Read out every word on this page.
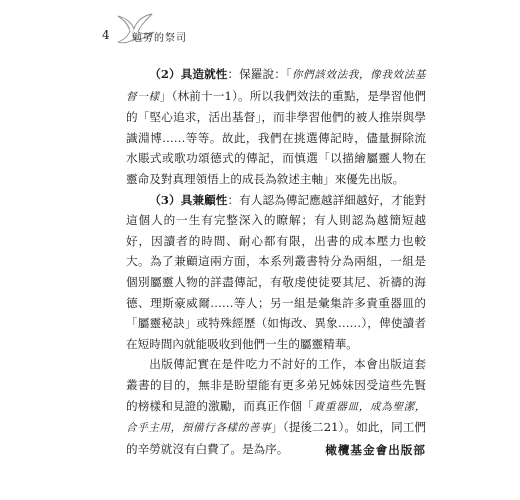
4 勉勞的祭司

（2）具造就性：保羅說：「你們該效法我，像我效法基督一樣」（林前十一1）。所以我們效法的重點，是學習他們的「堅心追求，活出基督」，而非學習他們的被人推崇與學識淵博……等等。故此，我們在挑選傳記時，儘量摒除流水賬式或歌功頌德式的傳記，而慎選「以描繪屬靈人物在靈命及對真理領悟上的成長為敘述主軸」來優先出版。

（3）具兼顧性：有人認為傳記應越詳細越好，才能對這個人的一生有完整深入的瞭解；有人則認為越簡短越好，因讀者的時間、耐心都有限，出書的成本壓力也較大。為了兼顧這兩方面，本系列叢書特分為兩組，一組是個別屬靈人物的詳盡傳記，有敬虔使徒要其尼、祈禱的海德、理斯豪威爾……等人；另一組是彙集許多貴重器皿的「屬靈秘訣」或特殊經歷（如悔改、異象……），俾使讀者在短時間內就能吸收到他們一生的屬靈精華。

出版傳記實在是件吃力不討好的工作，本會出版這套叢書的目的，無非是盼望能有更多弟兄姊妹因受這些先賢的榜樣和見證的激勵，而真正作個「貴重器皿，成為聖潔，合乎主用，預備行各樣的善事」（提後二21）。如此，同工們的辛勞就沒有白費了。是為序。	橄欖基金會出版部
